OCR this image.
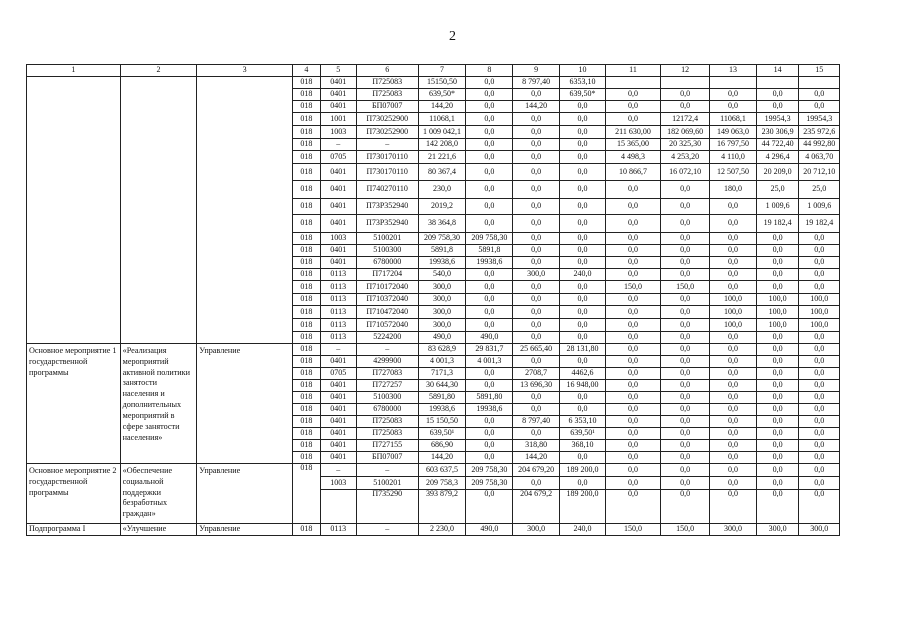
2
1	2	3	4	5	6	7	8	9	10	11	12	13	14	15
			018	0401	П725083	15150,50	0,0	8 797,40	6353,10					
			018	0401	П725083	639,50*	0,0	0,0	639,50*	0,0	0,0	0,0	0,0	0,0
			018	0401	БП07007	144,20	0,0	144,20	0,0	0,0	0,0	0,0	0,0	0,0
			018	1001	П730252900	11068,1	0,0	0,0	0,0	0,0	12172,4	11068,1	19954,3	19954,3
			018	1003	П730252900	1 009 042,1	0,0	0,0	0,0	211 630,00	182 069,60	149 063,0	230 306,9	235 972,6
			018	–	–	142 208,0	0,0	0,0	0,0	15 365,00	20 325,30	16 797,50	44 722,40	44 992,80
			018	0705	П730170110	21 221,6	0,0	0,0	0,0	4 498,3	4 253,20	4 110,0	4 296,4	4 063,70
			018	0401	П730170110	80 367,4	0,0	0,0	0,0	10 866,7	16 072,10	12 507,50	20 209,0	20 712,10
			018	0401	П740270110	230,0	0,0	0,0	0,0	0,0	0,0	180,0	25,0	25,0
			018	0401	П73Р352940	2019,2	0,0	0,0	0,0	0,0	0,0	0,0	1 009,6	1 009,6
			018	0401	П73Р352940	38 364,8	0,0	0,0	0,0	0,0	0,0	0,0	19 182,4	19 182,4
			018	1003	5100201	209 758,30	209 758,30	0,0	0,0	0,0	0,0	0,0	0,0	0,0
			018	0401	5100300	5891,8	5891,8	0,0	0,0	0,0	0,0	0,0	0,0	0,0
			018	0401	6780000	19938,6	19938,6	0,0	0,0	0,0	0,0	0,0	0,0	0,0
			018	0113	П717204	540,0	0,0	300,0	240,0	0,0	0,0	0,0	0,0	0,0
			018	0113	П710172040	300,0	0,0	0,0	0,0	150,0	150,0	0,0	0,0	0,0
			018	0113	П710372040	300,0	0,0	0,0	0,0	0,0	0,0	100,0	100,0	100,0
			018	0113	П710472040	300,0	0,0	0,0	0,0	0,0	0,0	100,0	100,0	100,0
			018	0113	П710572040	300,0	0,0	0,0	0,0	0,0	0,0	100,0	100,0	100,0
			018	0113	5224200	490,0	490,0	0,0	0,0	0,0	0,0	0,0	0,0	0,0
Основное мероприятие 1 государственной программы	«Реализация мероприятий активной политики занятости населения и дополнительных мероприятий в сфере занятости населения»	Управление	018	–	–	83 628,9	29 831,7	25 665,40	28 131,80	0,0	0,0	0,0	0,0	0,0
			018	0401	4299900	4 001,3	4 001,3	0,0	0,0	0,0	0,0	0,0	0,0	0,0
			018	0705	П727083	7171,3	0,0	2708,7	4462,6	0,0	0,0	0,0	0,0	0,0
			018	0401	П727257	30 644,30	0,0	13 696,30	16 948,00	0,0	0,0	0,0	0,0	0,0
			018	0401	5100300	5891,80	5891,80	0,0	0,0	0,0	0,0	0,0	0,0	0,0
			018	0401	6780000	19938,6	19938,6	0,0	0,0	0,0	0,0	0,0	0,0	0,0
			018	0401	П725083	15 150,50	0,0	8 797,40	6 353,10	0,0	0,0	0,0	0,0	0,0
			018	0401	П725083	639,50¹	0,0	0,0	639,50¹	0,0	0,0	0,0	0,0	0,0
			018	0401	П727155	686,90	0,0	318,80	368,10	0,0	0,0	0,0	0,0	0,0
			018	0401	БП07007	144,20	0,0	144,20	0,0	0,0	0,0	0,0	0,0	0,0
Основное мероприятие 2 государственной программы	«Обеспечение социальной поддержки безработных граждан»	Управление	018	–	–	603 637,5	209 758,30	204 679,20	189 200,0	0,0	0,0	0,0	0,0	0,0
				1003	5100201	209 758,3	209 758,30	0,0	0,0	0,0	0,0	0,0	0,0	0,0
					П735290	393 879,2	0,0	204 679,2	189 200,0	0,0	0,0	0,0	0,0	0,0
Подпрограмма I	«Улучшение	Управление	018	0113	–	2 230,0	490,0	300,0	240,0	150,0	150,0	300,0	300,0	300,0
